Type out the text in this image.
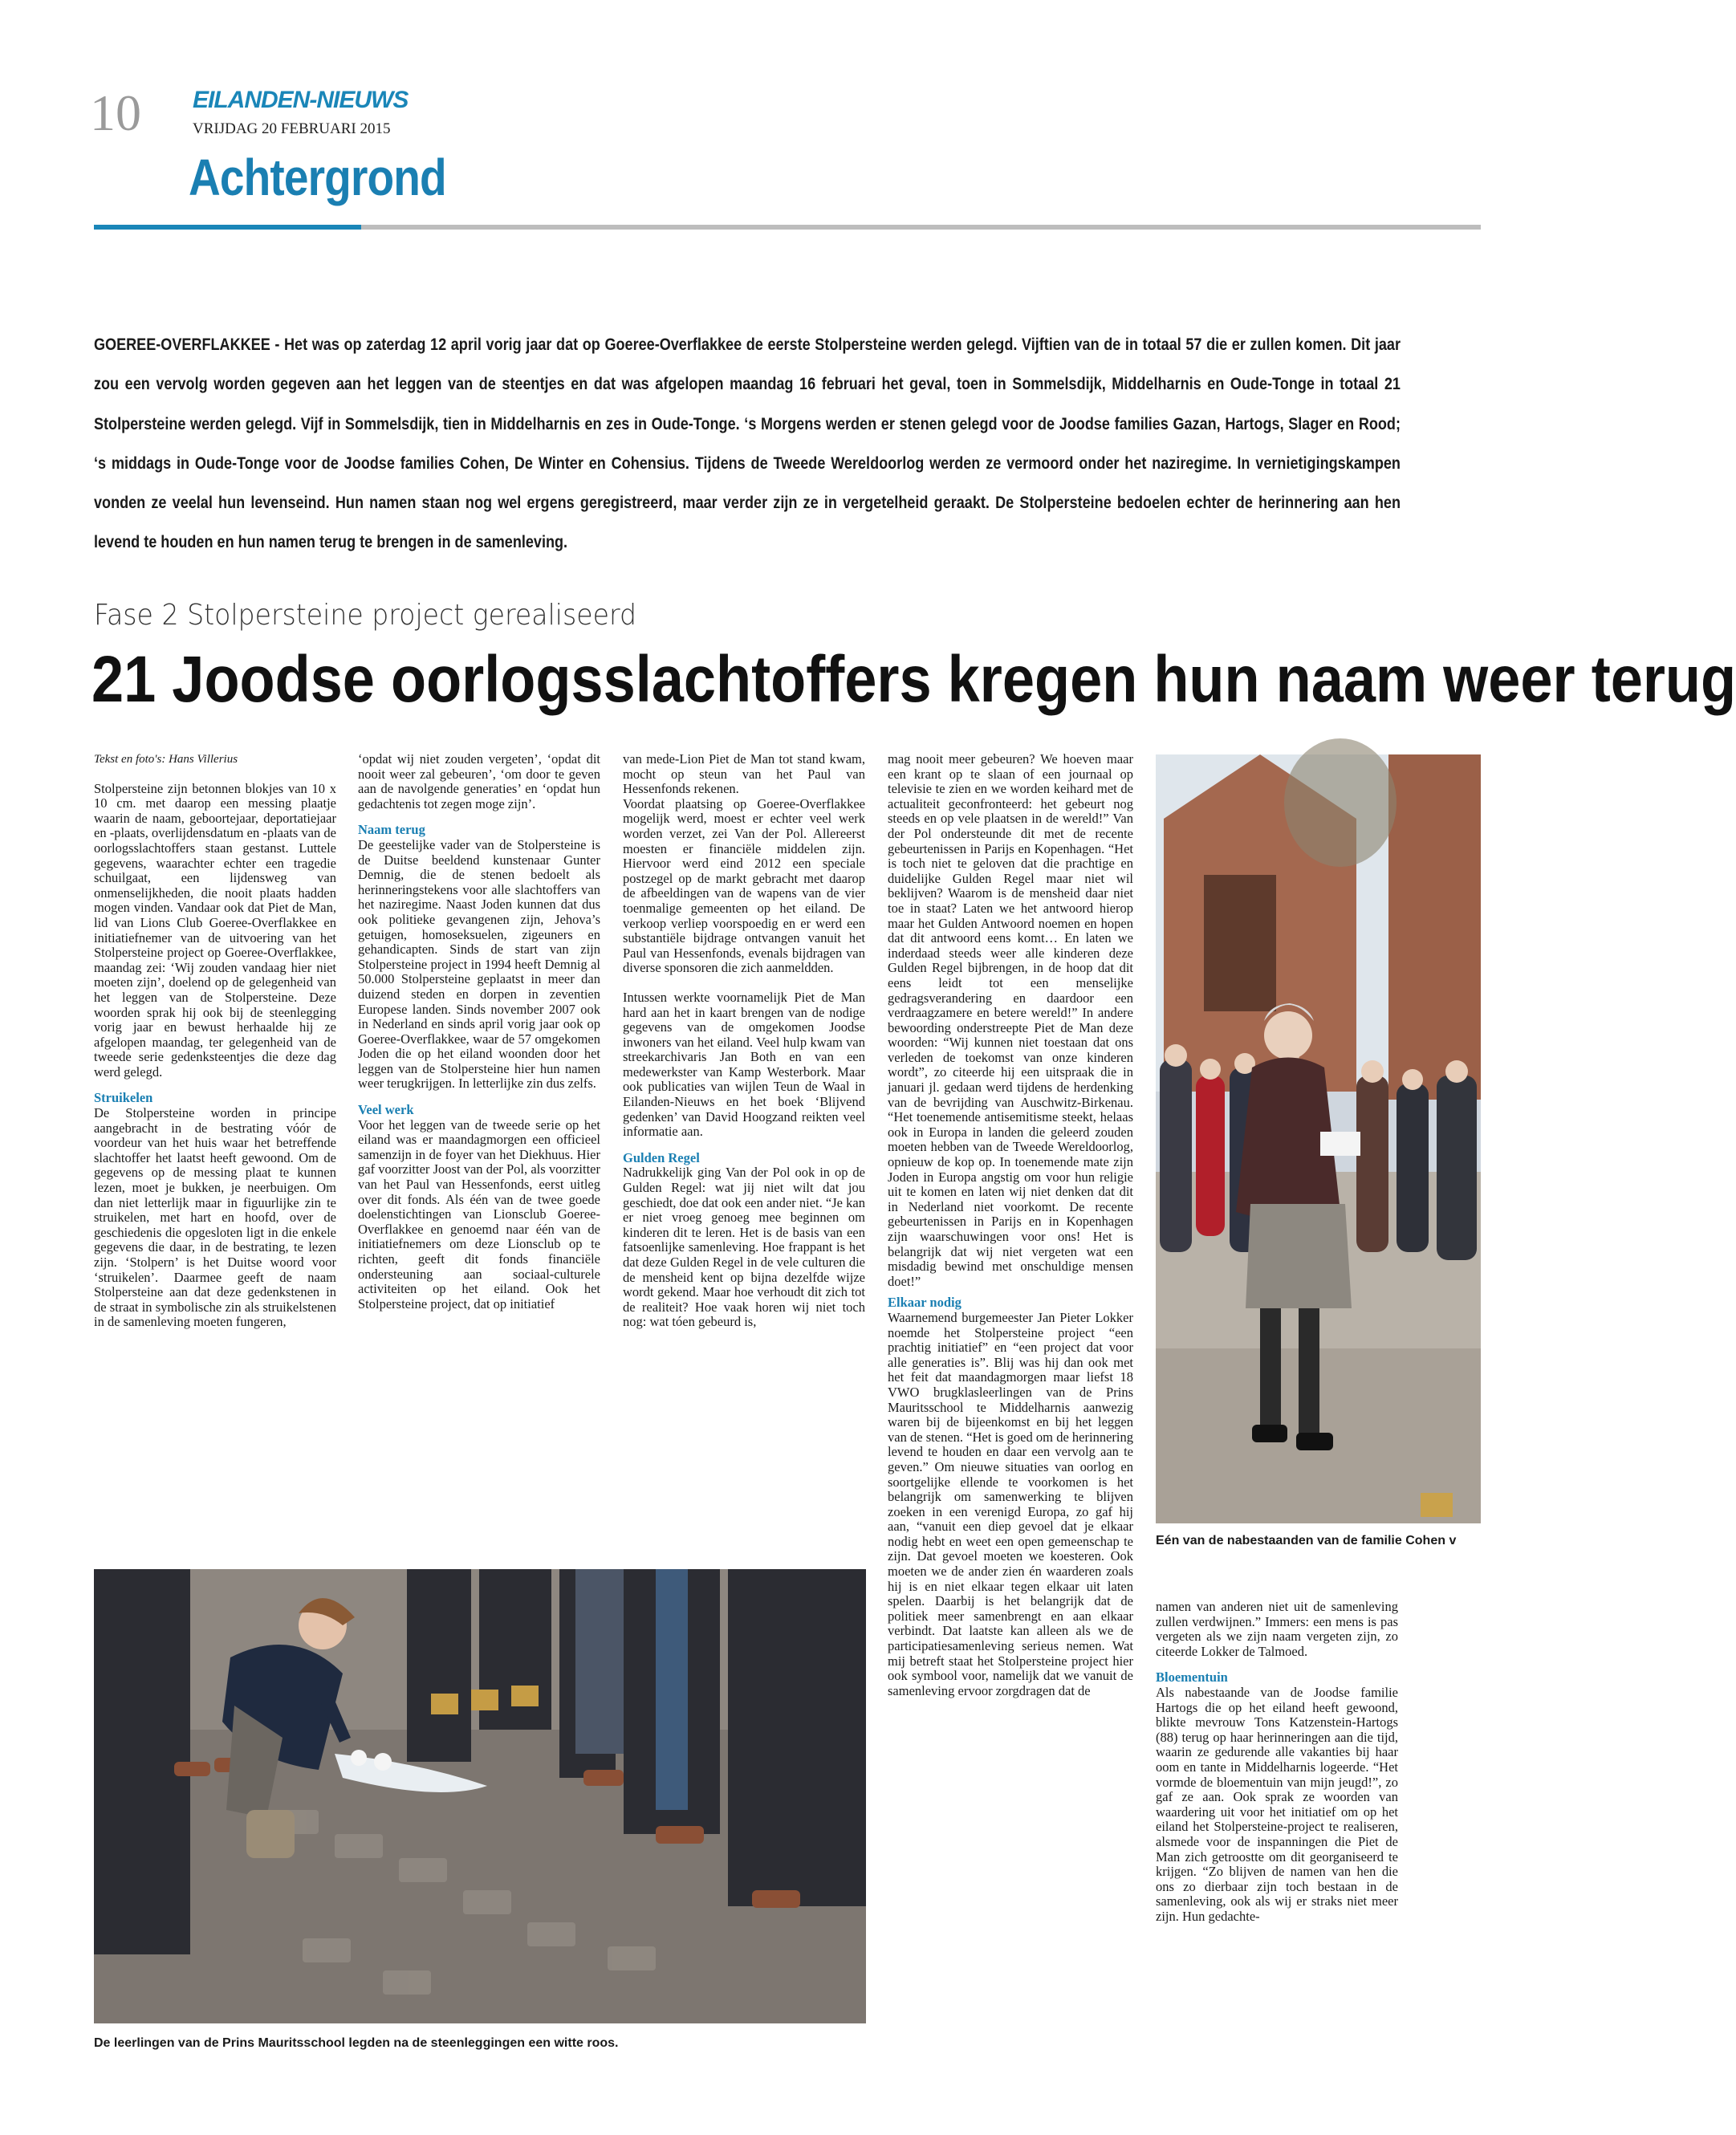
10 EILANDEN-NIEUWS
VRIJDAG 20 FEBRUARI 2015
Achtergrond
GOEREE-OVERFLAKKEE - Het was op zaterdag 12 april vorig jaar dat op Goeree-Overflakkee de eerste Stolpersteine werden gelegd. Vijftien van de in totaal 57 die er zullen komen. Dit jaar zou een vervolg worden gegeven aan het leggen van de steentjes en dat was afgelopen maandag 16 februari het geval, toen in Sommelsdijk, Middelharnis en Oude-Tonge in totaal 21 Stolpersteine werden gelegd. Vijf in Sommelsdijk, tien in Middelharnis en zes in Oude-Tonge. ‘s Morgens werden er stenen gelegd voor de Joodse families Gazan, Hartogs, Slager en Rood; ‘s middags in Oude-Tonge voor de Joodse families Cohen, De Winter en Cohensius. Tijdens de Tweede Wereldoorlog werden ze vermoord onder het naziregime. In vernietigingskampen vonden ze veelal hun levenseind. Hun namen staan nog wel ergens geregistreerd, maar verder zijn ze in vergetelheid geraakt. De Stolpersteine bedoelen echter de herinnering aan hen levend te houden en hun namen terug te brengen in de samenleving.
Fase 2 Stolpersteine project gerealiseerd
21 Joodse oorlogsslachtoffers kregen hun naam weer terug

Tekst en foto's: Hans Villerius

Stolpersteine zijn betonnen blokjes van 10 x 10 cm. met daarop een messing plaatje waarin de naam, geboortejaar, deportatiejaar en -plaats, overlijdensdatum en -plaats van de oorlogsslachtoffers staan gestanst. Luttele gegevens, waarachter echter een tragedie schuilgaat, een lijdensweg van onmenselijkheden, die nooit plaats hadden mogen vinden. Vandaar ook dat Piet de Man, lid van Lions Club Goeree-Overflakkee en initiatiefnemer van de uitvoering van het Stolpersteine project op Goeree-Overflakkee, maandag zei: ‘Wij zouden vandaag hier niet moeten zijn’, doelend op de gelegenheid van het leggen van de Stolpersteine. Deze woorden sprak hij ook bij de steenlegging vorig jaar en bewust herhaalde hij ze afgelopen maandag, ter gelegenheid van de tweede serie gedenksteentjes die deze dag werd gelegd.

Struikelen

De Stolpersteine worden in principe aangebracht in de bestrating vóór de voordeur van het huis waar het betreffende slachtoffer het laatst heeft gewoond. Om de gegevens op de messing plaat te kunnen lezen, moet je bukken, je neerbuigen. Om dan niet letterlijk maar in figuurlijke zin te struikelen, met hart en hoofd, over de geschiedenis die opgesloten ligt in die enkele gegevens die daar, in de bestrating, te lezen zijn. ‘Stolpern’ is het Duitse woord voor ‘struikelen’. Daarmee geeft de naam Stolpersteine aan dat deze gedenkstenen in de straat in symbolische zin als struikelstenen in de samenleving moeten fungeren,

‘opdat wij niet zouden vergeten’, ‘opdat dit nooit weer zal gebeuren’, ‘om door te geven aan de navolgende generaties’ en ‘opdat hun gedachtenis tot zegen moge zijn’.

Naam terug

De geestelijke vader van de Stolpersteine is de Duitse beeldend kunstenaar Gunter Demnig, die de stenen bedoelt als herinneringstekens voor alle slachtoffers van het naziregime. Naast Joden kunnen dat dus ook politieke gevangenen zijn, Jehova’s getuigen, homoseksuelen, zigeuners en gehandicapten. Sinds de start van zijn Stolpersteine project in 1994 heeft Demnig al 50.000 Stolpersteine geplaatst in meer dan duizend steden en dorpen in zeventien Europese landen. Sinds november 2007 ook in Nederland en sinds april vorig jaar ook op Goeree-Overflakkee, waar de 57 omgekomen Joden die op het eiland woonden door het leggen van de Stolpersteine hier hun namen weer terugkrijgen. In letterlijke zin dus zelfs.

Veel werk

Voor het leggen van de tweede serie op het eiland was er maandagmorgen een officieel samenzijn in de foyer van het Diekhuus. Hier gaf voorzitter Joost van der Pol, als voorzitter van het Paul van Hessenfonds, eerst uitleg over dit fonds. Als één van de twee goede doelenstichtingen van Lionsclub Goeree-Overflakkee en genoemd naar één van de initiatiefnemers om deze Lionsclub op te richten, geeft dit fonds financiële ondersteuning aan sociaal-culturele activiteiten op het eiland. Ook het Stolpersteine project, dat op initiatief

van mede-Lion Piet de Man tot stand kwam, mocht op steun van het Paul van Hessenfonds rekenen.

Voordat plaatsing op Goeree-Overflakkee mogelijk werd, moest er echter veel werk worden verzet, zei Van der Pol. Allereerst moesten er financiële middelen zijn. Hiervoor werd eind 2012 een speciale postzegel op de markt gebracht met daarop de afbeeldingen van de wapens van de vier toenmalige gemeenten op het eiland. De verkoop verliep voorspoedig en er werd een substantiële bijdrage ontvangen vanuit het Paul van Hessenfonds, evenals bijdragen van diverse sponsoren die zich aanmeldden.

Intussen werkte voornamelijk Piet de Man hard aan het in kaart brengen van de nodige gegevens van de omgekomen Joodse inwoners van het eiland. Veel hulp kwam van streekarchivaris Jan Both en van een medewerkster van Kamp Westerbork. Maar ook publicaties van wijlen Teun de Waal in Eilanden-Nieuws en het boek ‘Blijvend gedenken’ van David Hoogzand reikten veel informatie aan.

Gulden Regel

Nadrukkelijk ging Van der Pol ook in op de Gulden Regel: wat jij niet wilt dat jou geschiedt, doe dat ook een ander niet. “Je kan er niet vroeg genoeg mee beginnen om kinderen dit te leren. Het is de basis van een fatsoenlijke samenleving. Hoe frappant is het dat deze Gulden Regel in de vele culturen die de mensheid kent op bijna dezelfde wijze wordt gekend. Maar hoe verhoudt dit zich tot de realiteit? Hoe vaak horen wij niet toch nog: wat tóen gebeurd is,

mag nooit meer gebeuren? We hoeven maar een krant op te slaan of een journaal op televisie te zien en we worden keihard met de actualiteit geconfronteerd: het gebeurt nog steeds en op vele plaatsen in de wereld!” Van der Pol ondersteunde dit met de recente gebeurtenissen in Parijs en Kopenhagen. “Het is toch niet te geloven dat die prachtige en duidelijke Gulden Regel maar niet wil beklijven? Waarom is de mensheid daar niet toe in staat? Laten we het antwoord hierop maar het Gulden Antwoord noemen en hopen dat dit antwoord eens komt… En laten we inderdaad steeds weer alle kinderen deze Gulden Regel bijbrengen, in de hoop dat dit eens leidt tot een menselijke gedragsverandering en daardoor een verdraagzamere en betere wereld!” In andere bewoording onderstreepte Piet de Man deze woorden: “Wij kunnen niet toestaan dat ons verleden de toekomst van onze kinderen wordt”, zo citeerde hij een uitspraak die in januari jl. gedaan werd tijdens de herdenking van de bevrijding van Auschwitz-Birkenau. “Het toenemende antisemitisme steekt, helaas ook in Europa in landen die geleerd zouden moeten hebben van de Tweede Wereldoorlog, opnieuw de kop op. In toenemende mate zijn Joden in Europa angstig om voor hun religie uit te komen en laten wij niet denken dat dit in Nederland niet voorkomt. De recente gebeurtenissen in Parijs en in Kopenhagen zijn waarschuwingen voor ons! Het is belangrijk dat wij niet vergeten wat een misdadig bewind met onschuldige mensen doet!”

Elkaar nodig

Waarnemend burgemeester Jan Pieter Lokker noemde het Stolpersteine project “een prachtig initiatief” en “een project dat voor alle generaties is”. Blij was hij dan ook met het feit dat maandagmorgen maar liefst 18 VWO brugklasleerlingen van de Prins Mauritsschool te Middelharnis aanwezig waren bij de bijeenkomst en bij het leggen van de stenen. “Het is goed om de herinnering levend te houden en daar een vervolg aan te geven.” Om nieuwe situaties van oorlog en soortgelijke ellende te voorkomen is het belangrijk om samenwerking te blijven zoeken in een verenigd Europa, zo gaf hij aan, “vanuit een diep gevoel dat je elkaar nodig hebt en weet een open gemeenschap te zijn. Dat gevoel moeten we koesteren. Ook moeten we de ander zien én waarderen zoals hij is en niet elkaar tegen elkaar uit laten spelen. Daarbij is het belangrijk dat de politiek meer samenbrengt en aan elkaar verbindt. Dat laatste kan alleen als we de participatiesamenleving serieus nemen. Wat mij betreft staat het Stolpersteine project hier ook symbool voor, namelijk dat we vanuit de samenleving ervoor zorgdragen dat de

Eén van de nabestaanden van de familie Cohen v

namen van anderen niet uit de samenleving zullen verdwijnen.” Immers: een mens is pas vergeten als we zijn naam vergeten zijn, zo citeerde Lokker de Talmoed.

Bloementuin

Als nabestaande van de Joodse familie Hartogs die op het eiland heeft gewoond, blikte mevrouw Tons Katzenstein-Hartogs (88) terug op haar herinneringen aan die tijd, waarin ze gedurende alle vakanties bij haar oom en tante in Middelharnis logeerde. “Het vormde de bloementuin van mijn jeugd!”, zo gaf ze aan. Ook sprak ze woorden van waardering uit voor het initiatief om op het eiland het Stolpersteine-project te realiseren, alsmede voor de inspanningen die Piet de Man zich getroostte om dit georganiseerd te krijgen. “Zo blijven de namen van hen die ons zo dierbaar zijn toch bestaan in de samenleving, ook als wij er straks niet meer zijn. Hun gedachte-

De leerlingen van de Prins Mauritsschool legden na de steenleggingen een witte roos.
